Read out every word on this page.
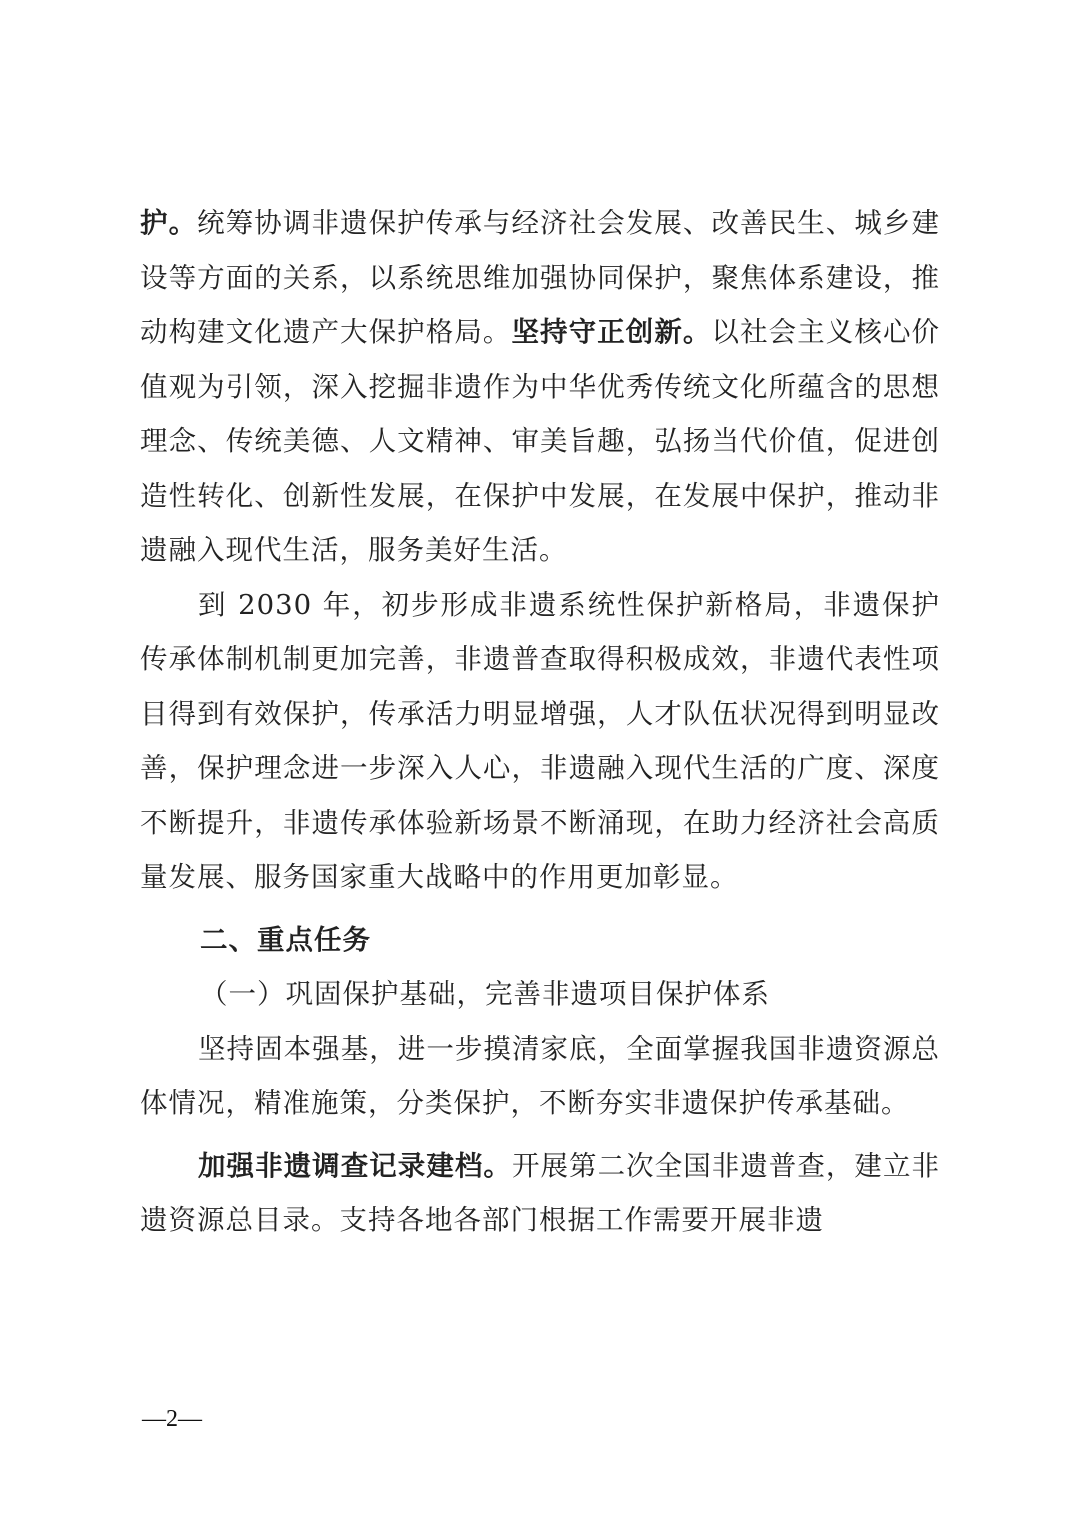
护。统筹协调非遗保护传承与经济社会发展、改善民生、城乡建设等方面的关系，以系统思维加强协同保护，聚焦体系建设，推动构建文化遗产大保护格局。坚持守正创新。以社会主义核心价值观为引领，深入挖掘非遗作为中华优秀传统文化所蕴含的思想理念、传统美德、人文精神、审美旨趣，弘扬当代价值，促进创造性转化、创新性发展，在保护中发展，在发展中保护，推动非遗融入现代生活，服务美好生活。

到 2030 年，初步形成非遗系统性保护新格局，非遗保护传承体制机制更加完善，非遗普查取得积极成效，非遗代表性项目得到有效保护，传承活力明显增强，人才队伍状况得到明显改善，保护理念进一步深入人心，非遗融入现代生活的广度、深度不断提升，非遗传承体验新场景不断涌现，在助力经济社会高质量发展、服务国家重大战略中的作用更加彰显。

二、重点任务

（一）巩固保护基础，完善非遗项目保护体系

坚持固本强基，进一步摸清家底，全面掌握我国非遗资源总体情况，精准施策，分类保护，不断夯实非遗保护传承基础。

加强非遗调查记录建档。开展第二次全国非遗普查，建立非遗资源总目录。支持各地各部门根据工作需要开展非遗

—2—
